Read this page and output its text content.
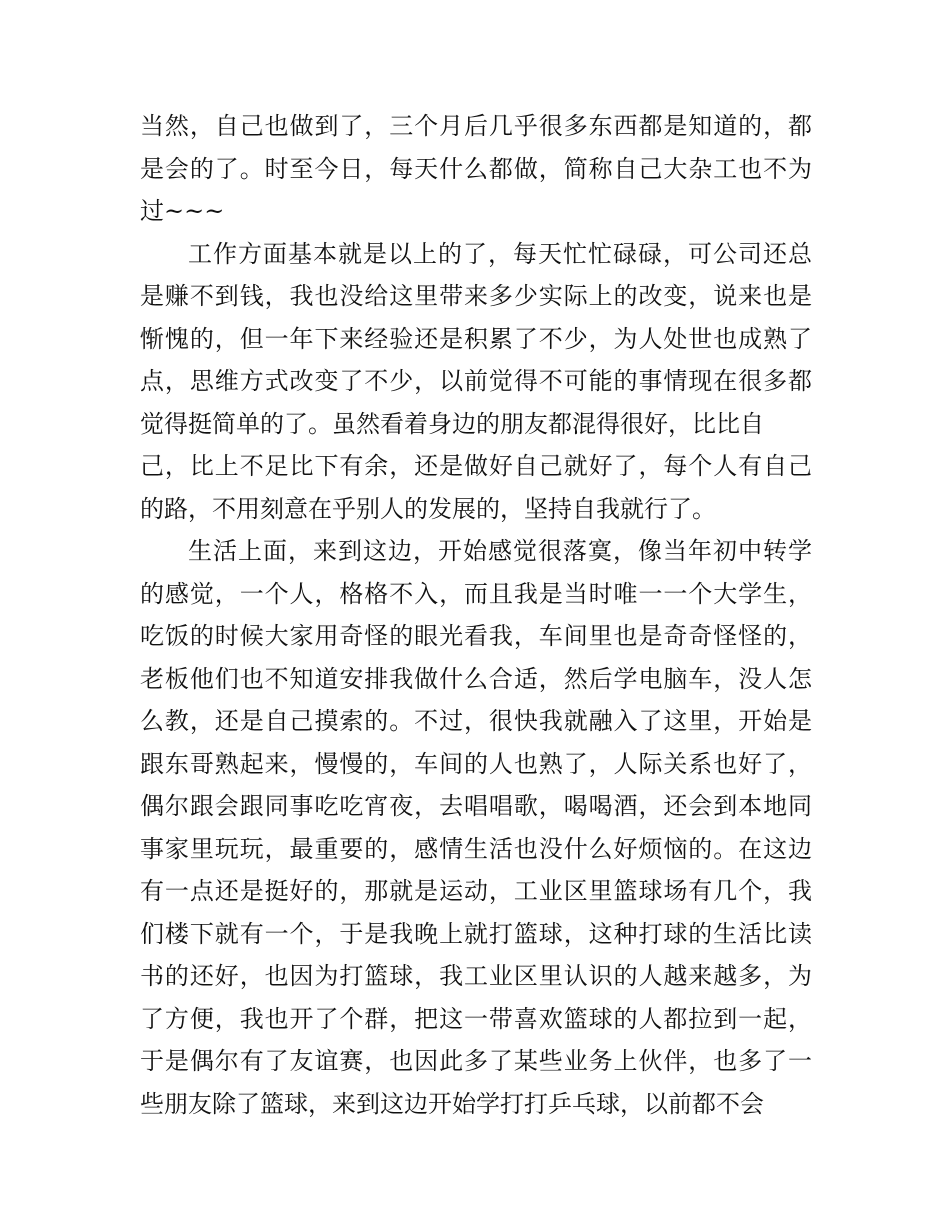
当然，自己也做到了，三个月后几乎很多东西都是知道的，都
是会的了。时至今日，每天什么都做，简称自己大杂工也不为
过~~~
工作方面基本就是以上的了，每天忙忙碌碌，可公司还总
是赚不到钱，我也没给这里带来多少实际上的改变，说来也是
惭愧的，但一年下来经验还是积累了不少，为人处世也成熟了
点，思维方式改变了不少，以前觉得不可能的事情现在很多都
觉得挺简单的了。虽然看着身边的朋友都混得很好，比比自
己，比上不足比下有余，还是做好自己就好了，每个人有自己
的路，不用刻意在乎别人的发展的，坚持自我就行了。
生活上面，来到这边，开始感觉很落寞，像当年初中转学
的感觉，一个人，格格不入，而且我是当时唯一一个大学生，
吃饭的时候大家用奇怪的眼光看我，车间里也是奇奇怪怪的，
老板他们也不知道安排我做什么合适，然后学电脑车，没人怎
么教，还是自己摸索的。不过，很快我就融入了这里，开始是
跟东哥熟起来，慢慢的，车间的人也熟了，人际关系也好了，
偶尔跟会跟同事吃吃宵夜，去唱唱歌，喝喝酒，还会到本地同
事家里玩玩，最重要的，感情生活也没什么好烦恼的。在这边
有一点还是挺好的，那就是运动，工业区里篮球场有几个，我
们楼下就有一个，于是我晚上就打篮球，这种打球的生活比读
书的还好，也因为打篮球，我工业区里认识的人越来越多，为
了方便，我也开了个群，把这一带喜欢篮球的人都拉到一起，
于是偶尔有了友谊赛，也因此多了某些业务上伙伴，也多了一
些朋友除了篮球，来到这边开始学打打乒乓球，以前都不会
